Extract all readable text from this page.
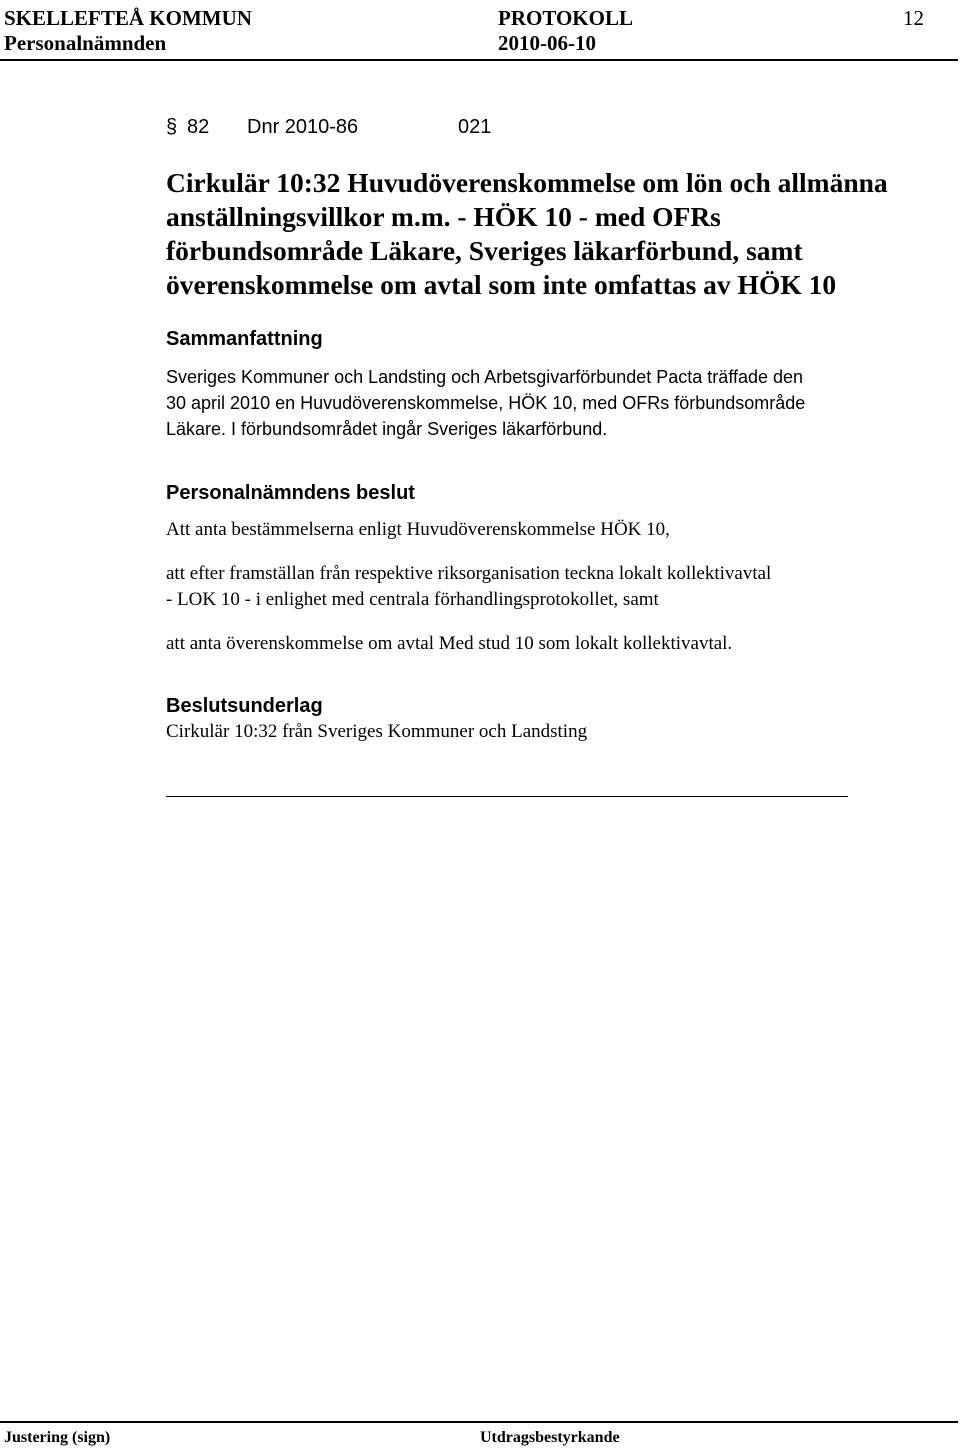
SKELLEFTEÅ KOMMUN	PROTOKOLL	12
Personalnämnden	2010-06-10
§ 82 Dnr 2010-86	021
Cirkulär 10:32 Huvudöverenskommelse om lön och allmänna
anställningsvillkor m.m. - HÖK 10 - med OFRs
förbundsområde Läkare, Sveriges läkarförbund, samt
överenskommelse om avtal som inte omfattas av HÖK 10
Sammanfattning
Sveriges Kommuner och Landsting och Arbetsgivarförbundet Pacta träffade den
30 april 2010 en Huvudöverenskommelse, HÖK 10, med OFRs förbundsområde
Läkare. I förbundsområdet ingår Sveriges läkarförbund.
Personalnämndens beslut
Att anta bestämmelserna enligt Huvudöverenskommelse HÖK 10,
att efter framställan från respektive riksorganisation teckna lokalt kollektivavtal
- LOK 10 - i enlighet med centrala förhandlingsprotokollet, samt
att anta överenskommelse om avtal Med stud 10 som lokalt kollektivavtal.
Beslutsunderlag
Cirkulär 10:32 från Sveriges Kommuner och Landsting
Justering (sign)	Utdragsbestyrkande
